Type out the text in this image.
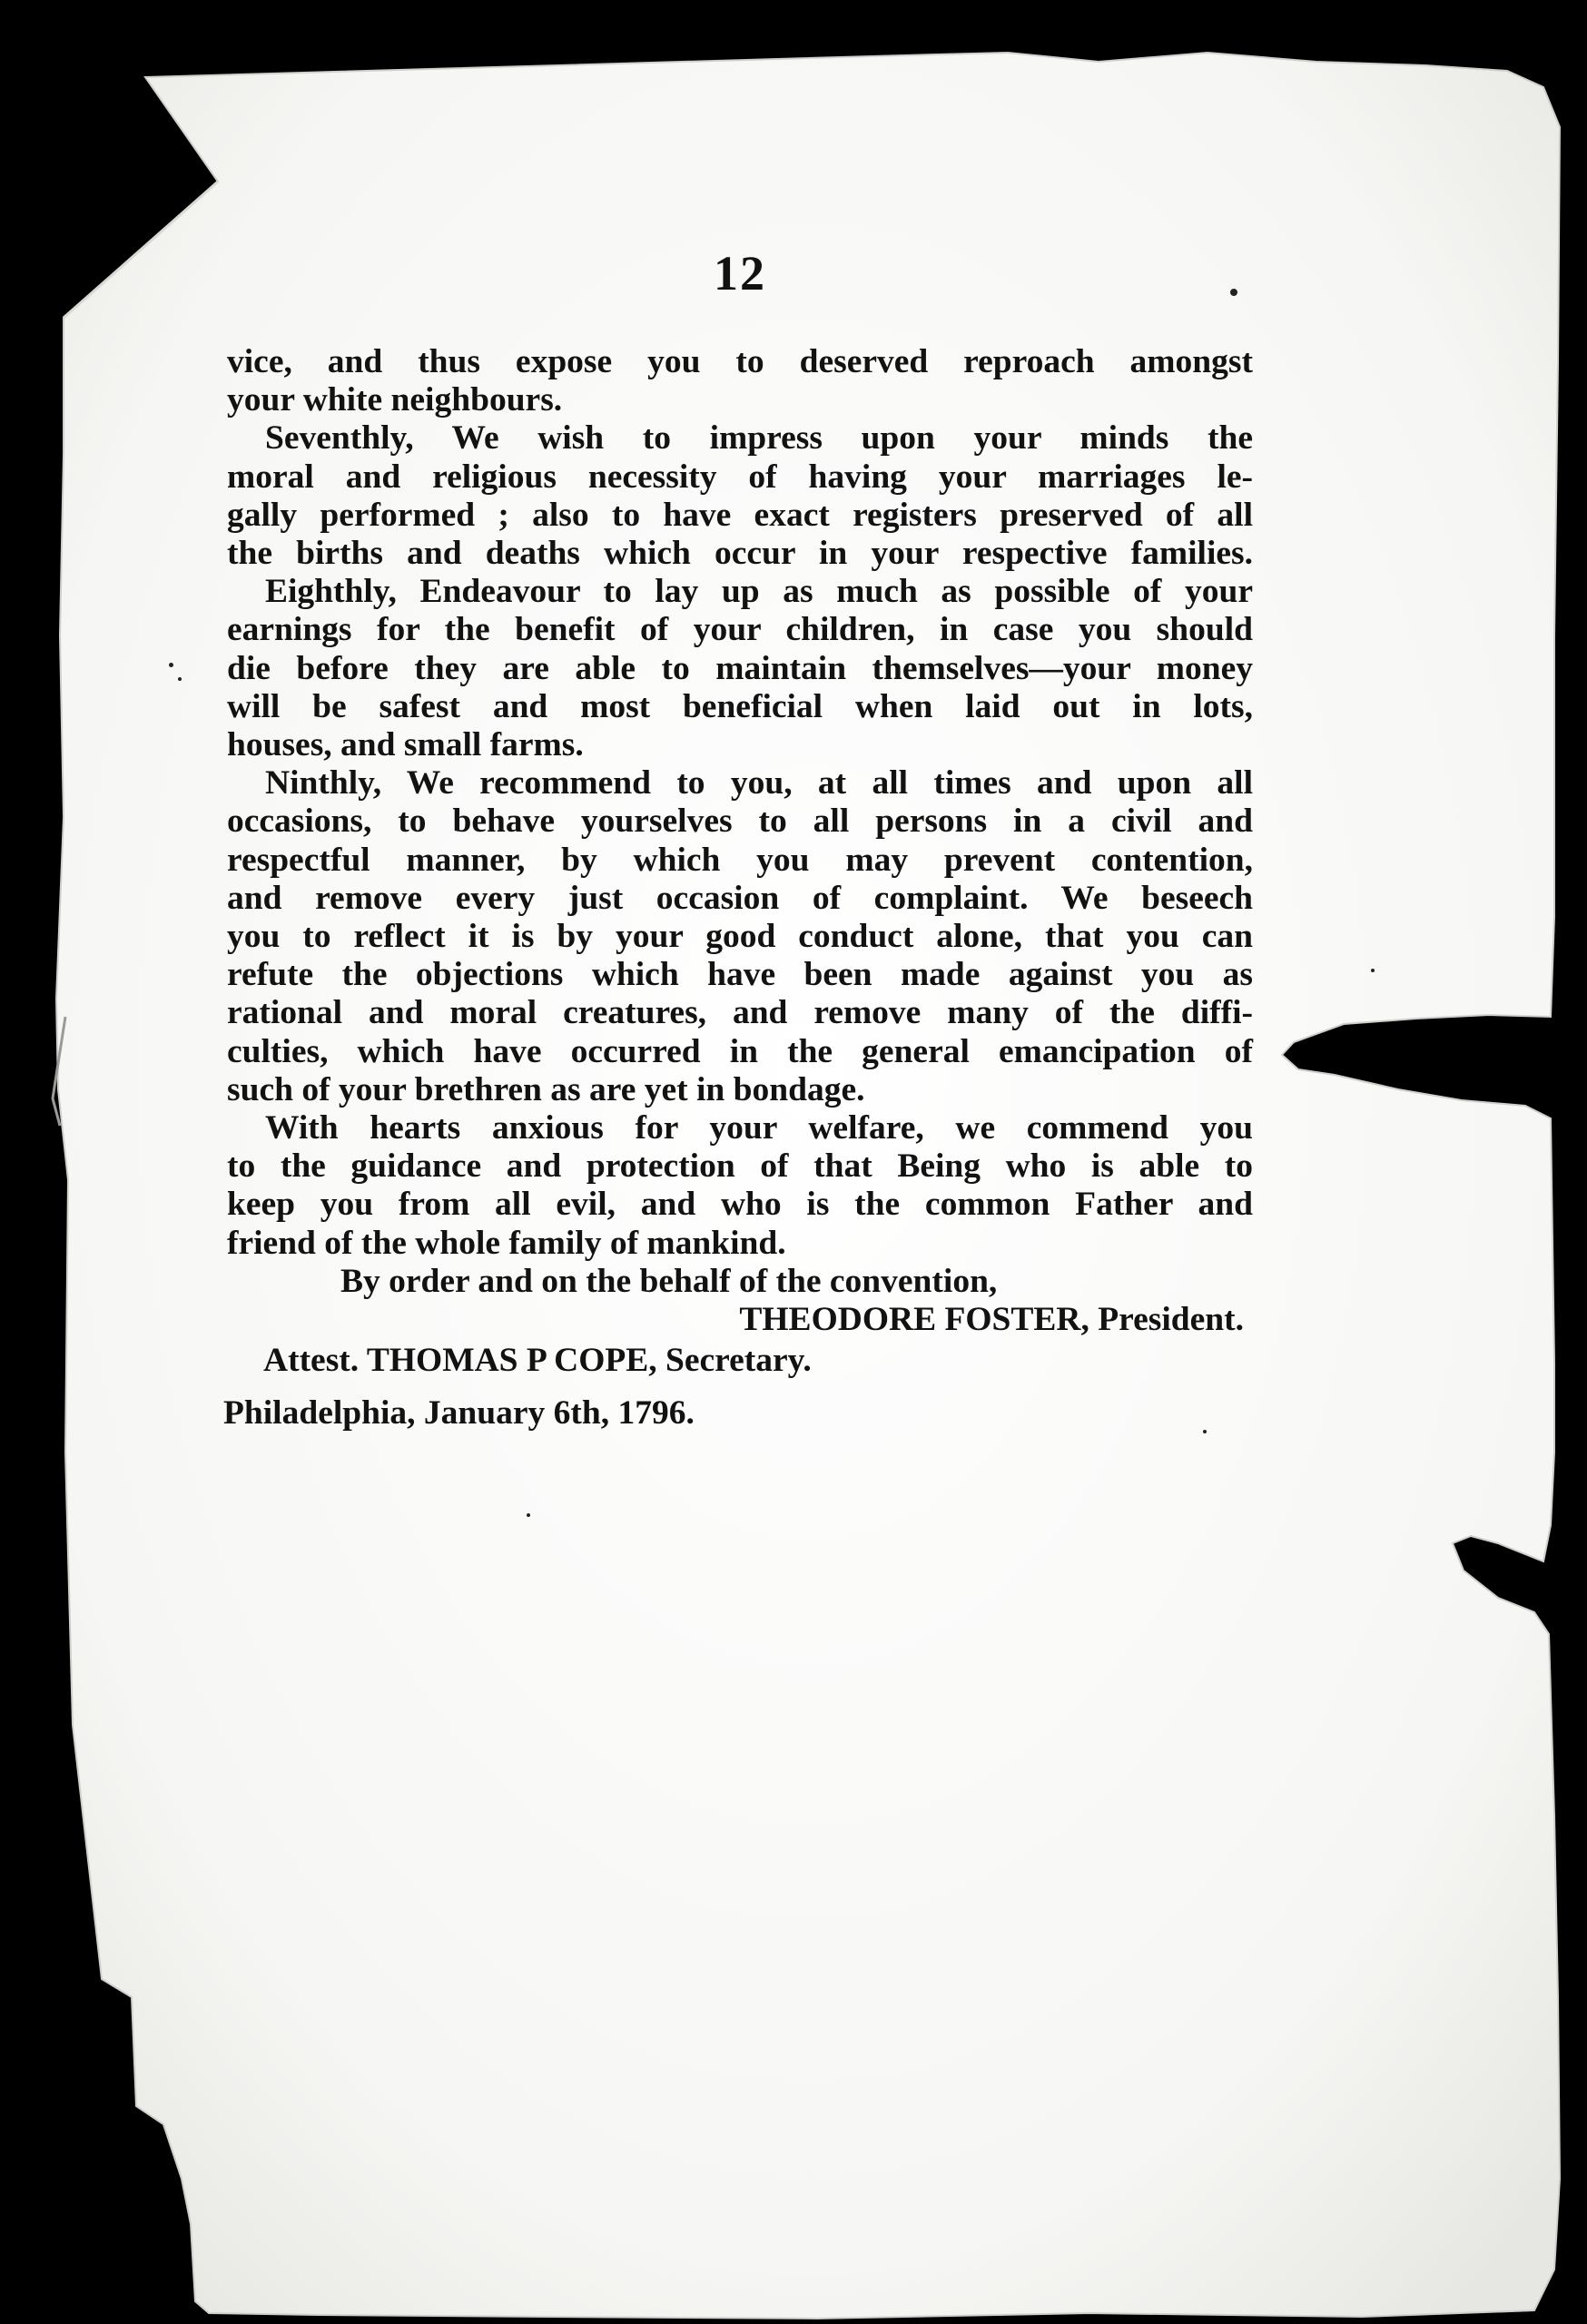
12
vice, and thus expose you to deserved reproach amongst
your white neighbours.
Seventhly, We wish to impress upon your minds the
moral and religious necessity of having your marriages le-
gally performed ; also to have exact registers preserved of all
the births and deaths which occur in your respective families.
Eighthly, Endeavour to lay up as much as possible of your
earnings for the benefit of your children, in case you should
die before they are able to maintain themselves—your money
will be safest and most beneficial when laid out in lots,
houses, and small farms.
Ninthly, We recommend to you, at all times and upon all
occasions, to behave yourselves to all persons in a civil and
respectful manner, by which you may prevent contention,
and remove every just occasion of complaint. We beseech
you to reflect it is by your good conduct alone, that you can
refute the objections which have been made against you as
rational and moral creatures, and remove many of the diffi-
culties, which have occurred in the general emancipation of
such of your brethren as are yet in bondage.
With hearts anxious for your welfare, we commend you
to the guidance and protection of that Being who is able to
keep you from all evil, and who is the common Father and
friend of the whole family of mankind.
By order and on the behalf of the convention,
THEODORE FOSTER, President.
Attest. THOMAS P COPE, Secretary.
Philadelphia, January 6th, 1796.
